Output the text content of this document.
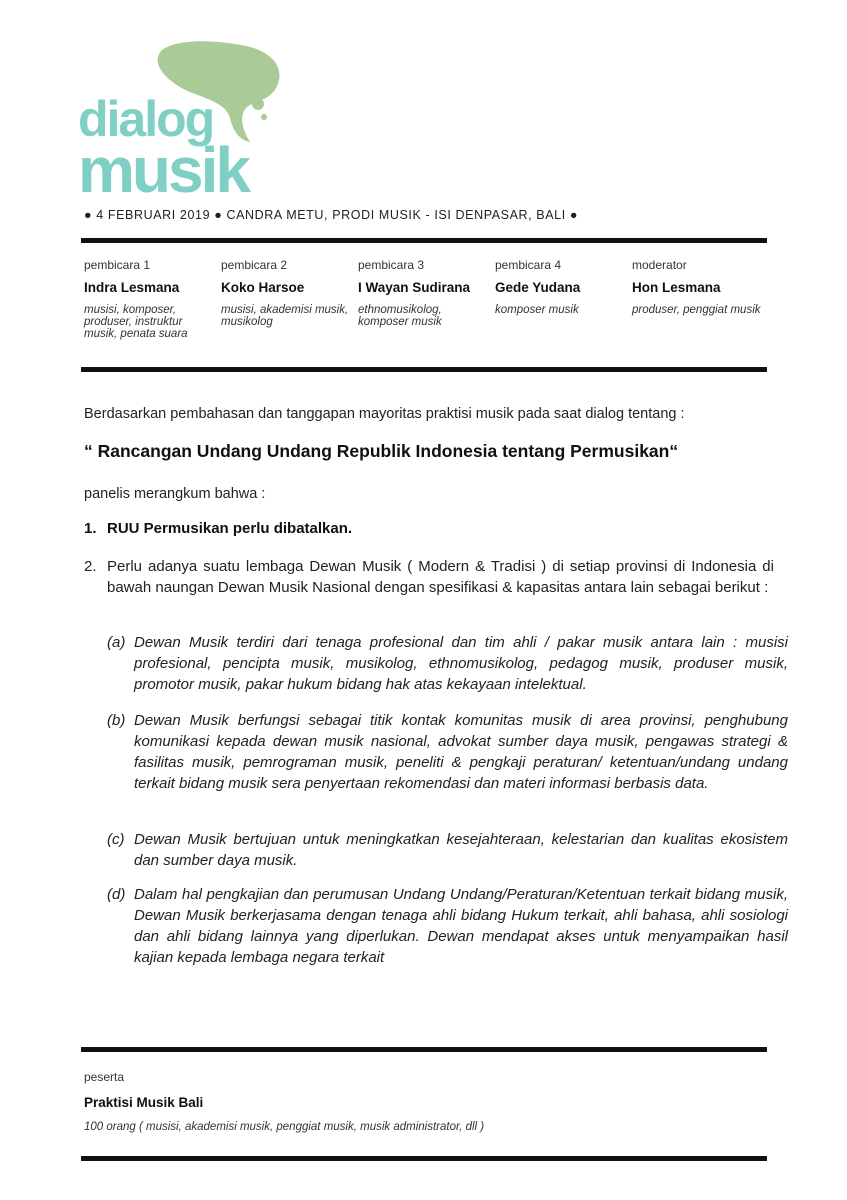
dialog
musik
● 4 FEBRUARI 2019 ● CANDRA METU, PRODI MUSIK - ISI DENPASAR, BALI ●
pembicara 1
Indra Lesmana
musisi, komposer, produser, instruktur musik, penata suara
pembicara 2
Koko Harsoe
musisi, akademisi musik, musikolog
pembicara 3
I Wayan Sudirana
ethnomusikolog, komposer musik
pembicara 4
Gede Yudana
komposer musik
moderator
Hon Lesmana
produser, penggiat musik
Berdasarkan pembahasan dan tanggapan mayoritas praktisi musik pada saat dialog tentang :
“ Rancangan Undang Undang Republik Indonesia tentang Permusikan“
panelis merangkum bahwa :
1. RUU Permusikan perlu dibatalkan.
2. Perlu adanya suatu lembaga Dewan Musik ( Modern & Tradisi ) di setiap provinsi di Indonesia di bawah naungan Dewan Musik Nasional dengan spesifikasi & kapasitas antara lain sebagai berikut :
(a) Dewan Musik terdiri dari tenaga profesional dan tim ahli / pakar musik antara lain : musisi profesional, pencipta musik, musikolog, ethnomusikolog, pedagog musik, produser musik, promotor musik, pakar hukum bidang hak atas kekayaan intelektual.
(b) Dewan Musik berfungsi sebagai titik kontak komunitas musik di area provinsi, penghubung komunikasi kepada dewan musik nasional, advokat sumber daya musik, pengawas strategi & fasilitas musik, pemrograman musik, peneliti & pengkaji peraturan/ ketentuan/undang undang terkait bidang musik sera penyertaan rekomendasi dan materi informasi berbasis data.
(c) Dewan Musik bertujuan untuk meningkatkan kesejahteraan, kelestarian dan kualitas ekosistem dan sumber daya musik.
(d) Dalam hal pengkajian dan perumusan Undang Undang/Peraturan/Ketentuan terkait bidang musik, Dewan Musik berkerjasama dengan tenaga ahli bidang Hukum terkait, ahli bahasa, ahli sosiologi dan ahli bidang lainnya yang diperlukan. Dewan mendapat akses untuk menyampaikan hasil kajian kepada lembaga negara terkait
peserta
Praktisi Musik Bali
100 orang ( musisi, akademisi musik, penggiat musik, musik administrator, dll )
